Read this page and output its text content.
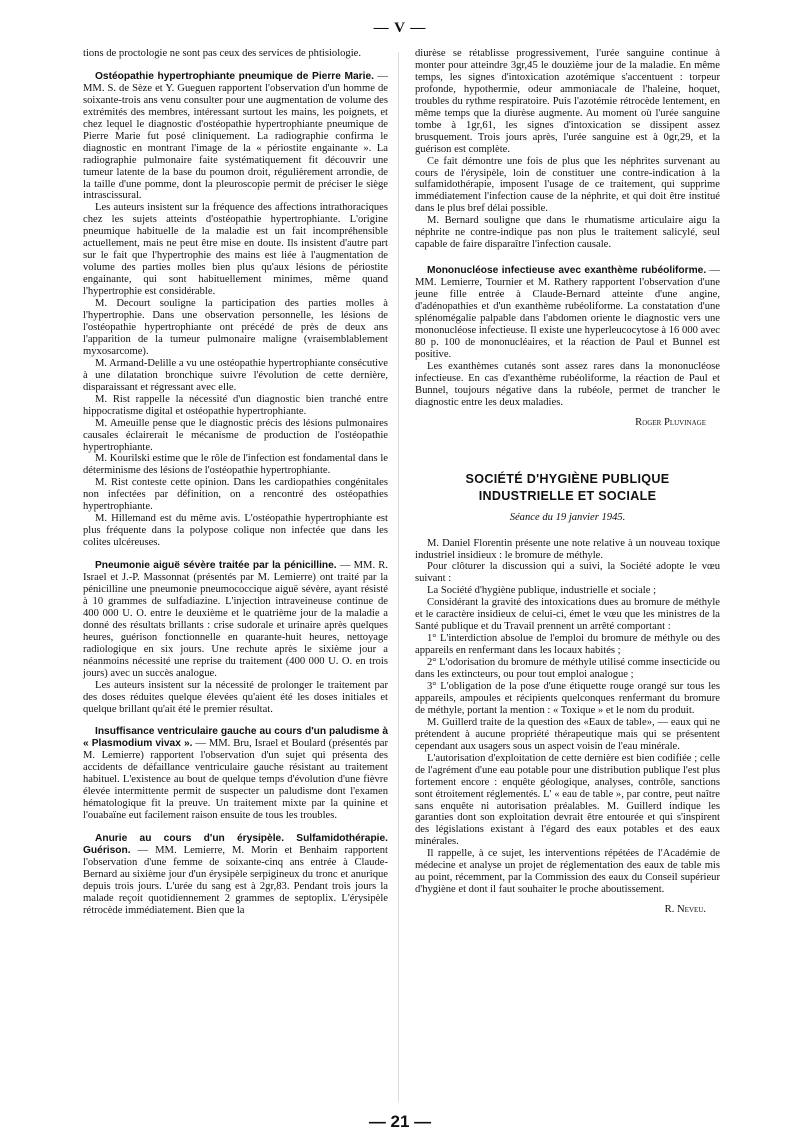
— V —

tions de proctologie ne sont pas ceux des services de phtisiologie.

Ostéopathie hypertrophiante pneumique de Pierre Marie. — MM. S. de Sèze et Y. Gueguen rapportent l'observation d'un homme de soixante-trois ans venu consulter pour une augmentation de volume des extrémités des membres, intéressant surtout les mains, les poignets, et chez lequel le diagnostic d'ostéopathie hypertrophiante pneumique de Pierre Marie fut posé cliniquement. La radiographie confirma le diagnostic en montrant l'image de la « périostite engainante ». La radiographie pulmonaire faite systématiquement fit découvrir une tumeur latente de la base du poumon droit, régulièrement arrondie, de la taille d'une pomme, dont la pleuroscopie permit de préciser le siège intrascissural.

Les auteurs insistent sur la fréquence des affections intrathoraciques chez les sujets atteints d'ostéopathie hypertrophiante. L'origine pneumique habituelle de la maladie est un fait incompréhensible actuellement, mais ne peut être mise en doute. Ils insistent d'autre part sur le fait que l'hypertrophie des mains est liée à l'augmentation de volume des parties molles bien plus qu'aux lésions de périostite engainante, qui sont habituellement minimes, même quand l'hypertrophie est considérable.

M. Decourt souligne la participation des parties molles à l'hypertrophie. Dans une observation personnelle, les lésions de l'ostéopathie hypertrophiante ont précédé de près de deux ans l'apparition de la tumeur pulmonaire maligne (vraisemblablement myxosarcome).

M. Armand-Delille a vu une ostéopathie hypertrophiante consécutive à une dilatation bronchique suivre l'évolution de cette dernière, disparaissant et régressant avec elle.

M. Rist rappelle la nécessité d'un diagnostic bien tranché entre hippocratisme digital et ostéopathie hypertrophiante.

M. Ameuille pense que le diagnostic précis des lésions pulmonaires causales éclairerait le mécanisme de production de l'ostéopathie hypertrophiante.

M. Kourilski estime que le rôle de l'infection est fondamental dans le déterminisme des lésions de l'ostéopathie hypertrophiante.

M. Rist conteste cette opinion. Dans les cardiopathies congénitales non infectées par définition, on a rencontré des ostéopathies hypertrophiante.

M. Hillemand est du même avis. L'ostéopathie hypertrophiante est plus fréquente dans la polypose colique non infectée que dans les colites ulcéreuses.

Pneumonie aiguë sévère traitée par la pénicilline. — MM. R. Israel et J.-P. Massonnat (présentés par M. Lemierre) ont traité par la pénicilline une pneumonie pneumococcique aiguë sévère, ayant résisté à 10 grammes de sulfadiazine. L'injection intraveineuse continue de 400 000 U. O. entre le deuxième et le quatrième jour de la maladie a donné des résultats brillants : crise sudorale et urinaire après quelques heures, guérison fonctionnelle en quarante-huit heures, nettoyage radiologique en six jours. Une rechute après le sixième jour a néanmoins nécessité une reprise du traitement (400 000 U. O. en trois jours) avec un succès analogue.

Les auteurs insistent sur la nécessité de prolonger le traitement par des doses réduites quelque élevées qu'aient été les doses initiales et quelque brillant qu'ait été le premier résultat.

Insuffisance ventriculaire gauche au cours d'un paludisme à « Plasmodium vivax ». — MM. Bru, Israel et Boulard (présentés par M. Lemierre) rapportent l'observation d'un sujet qui présenta des accidents de défaillance ventriculaire gauche résistant au traitement habituel. L'existence au bout de quelque temps d'évolution d'une fièvre élevée intermittente permit de suspecter un paludisme dont l'examen hématologique fit la preuve. Un traitement mixte par la quinine et l'ouabaïne eut facilement raison ensuite de tous les troubles.

Anurie au cours d'un érysipèle. Sulfamidothérapie. Guérison. — MM. Lemierre, M. Morin et Benhaim rapportent l'observation d'une femme de soixante-cinq ans entrée à Claude-Bernard au sixième jour d'un érysipèle serpigineux du tronc et anurique depuis trois jours. L'urée du sang est à 2gr,83. Pendant trois jours la malade reçoit quotidiennement 2 grammes de septoplix. L'érysipèle rétrocède immédiatement. Bien que la

diurèse se rétablisse progressivement, l'urée sanguine continue à monter pour atteindre 3gr,45 le douzième jour de la maladie. En même temps, les signes d'intoxication azotémique s'accentuent : torpeur profonde, hypothermie, odeur ammoniacale de l'haleine, hoquet, troubles du rythme respiratoire. Puis l'azotémie rétrocède lentement, en même temps que la diurèse augmente. Au moment où l'urée sanguine tombe à 1gr,61, les signes d'intoxication se dissipent assez brusquement. Trois jours après, l'urée sanguine est à 0gr,29, et la guérison est complète.

Ce fait démontre une fois de plus que les néphrites survenant au cours de l'érysipèle, loin de constituer une contre-indication à la sulfamidothérapie, imposent l'usage de ce traitement, qui supprime immédiatement l'infection cause de la néphrite, et qui doit être institué dans le plus bref délai possible.

M. Bernard souligne que dans le rhumatisme articulaire aigu la néphrite ne contre-indique pas non plus le traitement salicylé, seul capable de faire disparaître l'infection causale.

Mononucléose infectieuse avec exanthème rubéoliforme. — MM. Lemierre, Tournier et M. Rathery rapportent l'observation d'une jeune fille entrée à Claude-Bernard atteinte d'une angine, d'adénopathies et d'un exanthème rubéoliforme. La constatation d'une splénomégalie palpable dans l'abdomen oriente le diagnostic vers une mononucléose infectieuse. Il existe une hyperleucocytose à 16 000 avec 80 p. 100 de mononucléaires, et la réaction de Paul et Bunnel est positive.

Les exanthèmes cutanés sont assez rares dans la mononucléose infectieuse. En cas d'exanthème rubéoliforme, la réaction de Paul et Bunnel, toujours négative dans la rubéole, permet de trancher le diagnostic entre les deux maladies.

Roger Pluvinage
SOCIÉTÉ D'HYGIÈNE PUBLIQUE
INDUSTRIELLE ET SOCIALE
Séance du 19 janvier 1945.

M. Daniel Florentin présente une note relative à un nouveau toxique industriel insidieux : le bromure de méthyle.

Pour clôturer la discussion qui a suivi, la Société adopte le vœu suivant :

La Société d'hygiène publique, industrielle et sociale ;

Considérant la gravité des intoxications dues au bromure de méthyle et le caractère insidieux de celui-ci, émet le vœu que les ministres de la Santé publique et du Travail prennent un arrêté comportant :

1° L'interdiction absolue de l'emploi du bromure de méthyle ou des appareils en renfermant dans les locaux habités ;

2° L'odorisation du bromure de méthyle utilisé comme insecticide ou dans les extincteurs, ou pour tout emploi analogue ;

3° L'obligation de la pose d'une étiquette rouge orangé sur tous les appareils, ampoules et récipients quelconques renfermant du bromure de méthyle, portant la mention : « Toxique » et le nom du produit.

M. Guillerd traite de la question des «Eaux de table», — eaux qui ne prétendent à aucune propriété thérapeutique mais qui se présentent cependant aux usagers sous un aspect voisin de l'eau minérale.

L'autorisation d'exploitation de cette dernière est bien codifiée ; celle de l'agrément d'une eau potable pour une distribution publique l'est plus fortement encore : enquête géologique, analyses, contrôle, sanctions sont étroitement réglementés. L' « eau de table », par contre, peut naître sans enquête ni autorisation préalables. M. Guillerd indique les garanties dont son exploitation devrait être entourée et qui s'inspirent des législations existant à l'égard des eaux potables et des eaux minérales.

Il rappelle, à ce sujet, les interventions répétées de l'Académie de médecine et analyse un projet de réglementation des eaux de table mis au point, récemment, par la Commission des eaux du Conseil supérieur d'hygiène et dont il faut souhaiter le proche aboutissement.

R. Neveu.
— 21 —
